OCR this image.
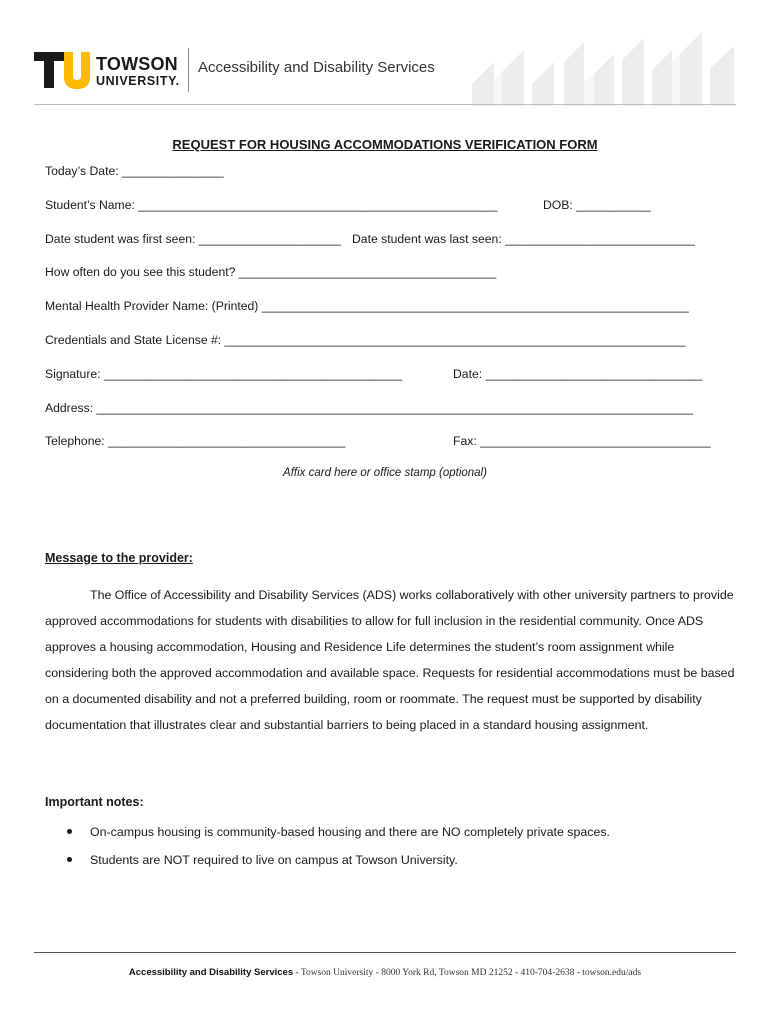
TOWSON
UNIVERSITY.
Accessibility and Disability Services
REQUEST FOR HOUSING ACCOMMODATIONS VERIFICATION FORM
Today’s Date: _______________
Student’s Name: _____________________________________________________	DOB: ___________
Date student was first seen: _____________________ Date student was last seen: ____________________________
How often do you see this student? ______________________________________
Mental Health Provider Name: (Printed) _______________________________________________________________
Credentials and State License #: ____________________________________________________________________
Signature: ____________________________________________	Date: ________________________________
Address: ________________________________________________________________________________________
Telephone: ___________________________________	Fax: __________________________________
Affix card here or office stamp (optional)
Message to the provider:

The Office of Accessibility and Disability Services (ADS) works collaboratively with other university partners to provide approved accommodations for students with disabilities to allow for full inclusion in the residential community. Once ADS approves a housing accommodation, Housing and Residence Life determines the student’s room assignment while considering both the approved accommodation and available space. Requests for residential accommodations must be based on a documented disability and not a preferred building, room or roommate. The request must be supported by disability documentation that illustrates clear and substantial barriers to being placed in a standard housing assignment.

Important notes:
On-campus housing is community-based housing and there are NO completely private spaces.
Students are NOT required to live on campus at Towson University.
Accessibility and Disability Services - Towson University - 8000 York Rd, Towson MD 21252 - 410-704-2638 - towson.edu/ads
